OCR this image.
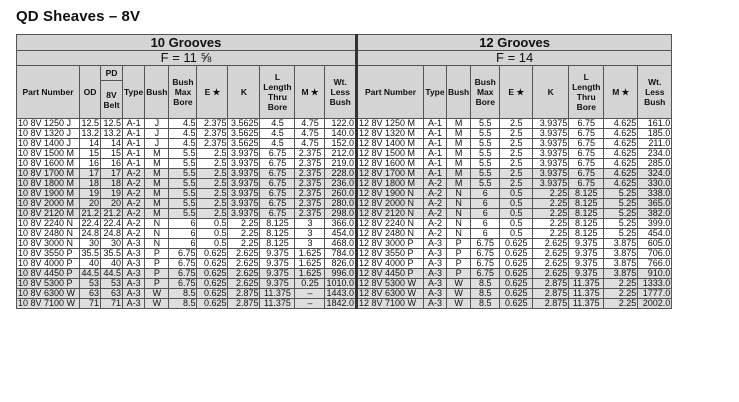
QD Sheaves – 8V
10 Grooves											12 Grooves								
F = 11 ⅝											F = 14								
Part Number	OD	PD	Type	Bush	Bush Max Bore	E ★	K	L Length Thru Bore	M ★	Wt. Less Bush	Part Number	Type	Bush	Bush Max Bore	E ★	K	L Length Thru Bore	M ★	Wt. Less Bush
		8V Belt																	
10 8V 1250 J	12.5	12.5	A-1	J	4.5	2.375	3.5625	4.5	4.75	122.0	12 8V 1250 M	A-1	M	5.5	2.5	3.9375	6.75	4.625	161.0
10 8V 1320 J	13.2	13.2	A-1	J	4.5	2.375	3.5625	4.5	4.75	140.0	12 8V 1320 M	A-1	M	5.5	2.5	3.9375	6.75	4.625	185.0
10 8V 1400 J	14	14	A-1	J	4.5	2.375	3.5625	4.5	4.75	152.0	12 8V 1400 M	A-1	M	5.5	2.5	3.9375	6.75	4.625	211.0
10 8V 1500 M	15	15	A-1	M	5.5	2.5	3.9375	6.75	2.375	212.0	12 8V 1500 M	A-1	M	5.5	2.5	3.9375	6.75	4.625	234.0
10 8V 1600 M	16	16	A-1	M	5.5	2.5	3.9375	6.75	2.375	219.0	12 8V 1600 M	A-1	M	5.5	2.5	3.9375	6.75	4.625	285.0
10 8V 1700 M	17	17	A-2	M	5.5	2.5	3.9375	6.75	2.375	228.0	12 8V 1700 M	A-1	M	5.5	2.5	3.9375	6.75	4.625	324.0
10 8V 1800 M	18	18	A-2	M	5.5	2.5	3.9375	6.75	2.375	236.0	12 8V 1800 M	A-2	M	5.5	2.5	3.9375	6.75	4.625	330.0
10 8V 1900 M	19	19	A-2	M	5.5	2.5	3.9375	6.75	2.375	260.0	12 8V 1900 N	A-2	N	6	0.5	2.25	8.125	5.25	338.0
10 8V 2000 M	20	20	A-2	M	5.5	2.5	3.9375	6.75	2.375	280.0	12 8V 2000 N	A-2	N	6	0.5	2.25	8.125	5.25	365.0
10 8V 2120 M	21.2	21.2	A-2	M	5.5	2.5	3.9375	6.75	2.375	298.0	12 8V 2120 N	A-2	N	6	0.5	2.25	8.125	5.25	382.0
10 8V 2240 N	22.4	22.4	A-2	N	6	0.5	2.25	8.125	3	366.0	12 8V 2240 N	A-2	N	6	0.5	2.25	8.125	5.25	399.0
10 8V 2480 N	24.8	24.8	A-2	N	6	0.5	2.25	8.125	3	454.0	12 8V 2480 N	A-2	N	6	0.5	2.25	8.125	5.25	454.0
10 8V 3000 N	30	30	A-3	N	6	0.5	2.25	8.125	3	468.0	12 8V 3000 P	A-3	P	6.75	0.625	2.625	9.375	3.875	605.0
10 8V 3550 P	35.5	35.5	A-3	P	6.75	0.625	2.625	9.375	1.625	784.0	12 8V 3550 P	A-3	P	6.75	0.625	2.625	9.375	3.875	706.0
10 8V 4000 P	40	40	A-3	P	6.75	0.625	2.625	9.375	1.625	826.0	12 8V 4000 P	A-3	P	6.75	0.625	2.625	9.375	3.875	766.0
10 8V 4450 P	44.5	44.5	A-3	P	6.75	0.625	2.625	9.375	1.625	996.0	12 8V 4450 P	A-3	P	6.75	0.625	2.625	9.375	3.875	910.0
10 8V 5300 P	53	53	A-3	P	6.75	0.625	2.625	9.375	0.25	1010.0	12 8V 5300 W	A-3	W	8.5	0.625	2.875	11.375	2.25	1333.0
10 8V 6300 W	63	63	A-3	W	8.5	0.625	2.875	11.375	–	1443.0	12 8V 6300 W	A-3	W	8.5	0.625	2.875	11.375	2.25	1777.0
10 8V 7100 W	71	71	A-3	W	8.5	0.625	2.875	11.375	–	1842.0	12 8V 7100 W	A-3	W	8.5	0.625	2.875	11.375	2.25	2002.0
